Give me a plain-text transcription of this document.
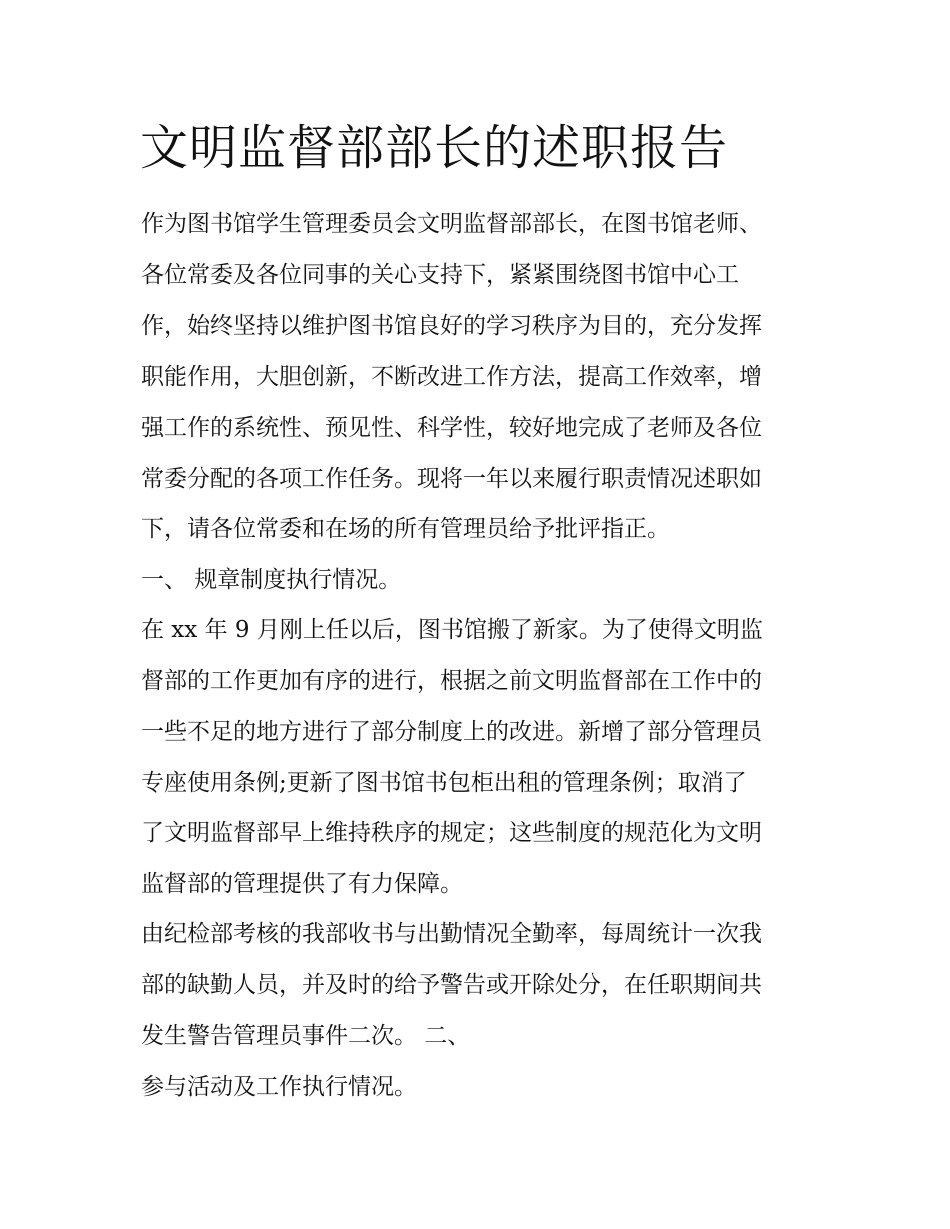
文明监督部部长的述职报告

作为图书馆学生管理委员会文明监督部部长，在图书馆老师、

各位常委及各位同事的关心支持下，紧紧围绕图书馆中心工

作，始终坚持以维护图书馆良好的学习秩序为目的，充分发挥

职能作用，大胆创新，不断改进工作方法，提高工作效率，增

强工作的系统性、预见性、科学性，较好地完成了老师及各位

常委分配的各项工作任务。现将一年以来履行职责情况述职如

下，请各位常委和在场的所有管理员给予批评指正。

一、 规章制度执行情况。

在 xx 年 9 月刚上任以后，图书馆搬了新家。为了使得文明监

督部的工作更加有序的进行，根据之前文明监督部在工作中的

一些不足的地方进行了部分制度上的改进。新增了部分管理员

专座使用条例;更新了图书馆书包柜出租的管理条例；取消了

了文明监督部早上维持秩序的规定；这些制度的规范化为文明

监督部的管理提供了有力保障。

由纪检部考核的我部收书与出勤情况全勤率，每周统计一次我

部的缺勤人员，并及时的给予警告或开除处分，在任职期间共

发生警告管理员事件二次。 二、

参与活动及工作执行情况。
